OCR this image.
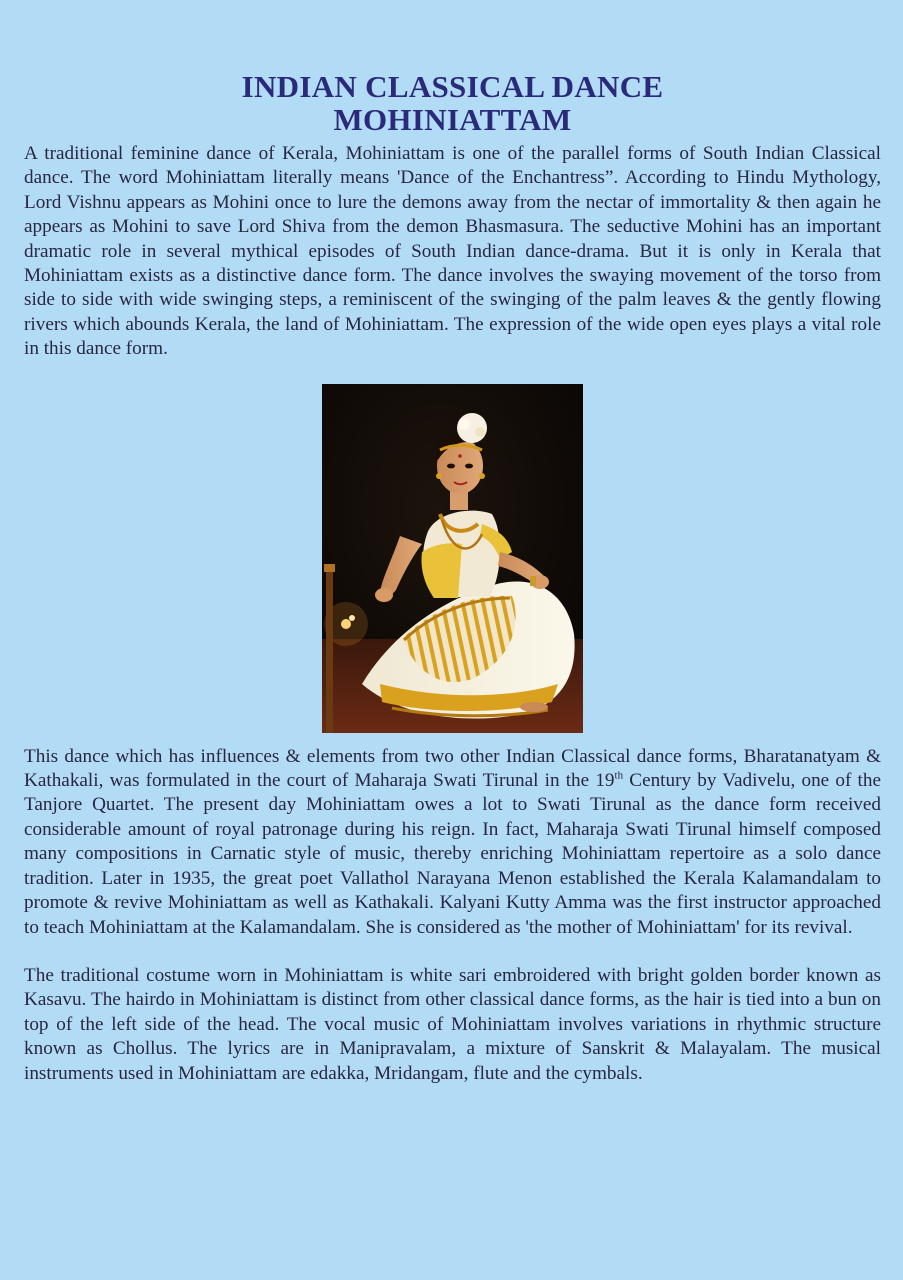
INDIAN CLASSICAL DANCE
MOHINIATTAM

A traditional feminine dance of Kerala, Mohiniattam is one of the parallel forms of South Indian Classical dance. The word Mohiniattam literally means 'Dance of the Enchantress”. According to Hindu Mythology, Lord Vishnu appears as Mohini once to lure the demons away from the nectar of immortality & then again he appears as Mohini to save Lord Shiva from the demon Bhasmasura. The seductive Mohini has an important dramatic role in several mythical episodes of South Indian dance-drama. But it is only in Kerala that Mohiniattam exists as a distinctive dance form. The dance involves the swaying movement of the torso from side to side with wide swinging steps, a reminiscent of the swinging of the palm leaves & the gently flowing rivers which abounds Kerala, the land of Mohiniattam. The expression of the wide open eyes plays a vital role in this dance form.

This dance which has influences & elements from two other Indian Classical dance forms, Bharatanatyam & Kathakali, was formulated in the court of Maharaja Swati Tirunal in the 19th Century by Vadivelu, one of the Tanjore Quartet. The present day Mohiniattam owes a lot to Swati Tirunal as the dance form received considerable amount of royal patronage during his reign. In fact, Maharaja Swati Tirunal himself composed many compositions in Carnatic style of music, thereby enriching Mohiniattam repertoire as a solo dance tradition. Later in 1935, the great poet Vallathol Narayana Menon established the Kerala Kalamandalam to promote & revive Mohiniattam as well as Kathakali. Kalyani Kutty Amma was the first instructor approached to teach Mohiniattam at the Kalamandalam. She is considered as 'the mother of Mohiniattam' for its revival.

The traditional costume worn in Mohiniattam is white sari embroidered with bright golden border known as Kasavu. The hairdo in Mohiniattam is distinct from other classical dance forms, as the hair is tied into a bun on top of the left side of the head. The vocal music of Mohiniattam involves variations in rhythmic structure known as Chollus. The lyrics are in Manipravalam, a mixture of Sanskrit & Malayalam. The musical instruments used in Mohiniattam are edakka, Mridangam, flute and the cymbals.
